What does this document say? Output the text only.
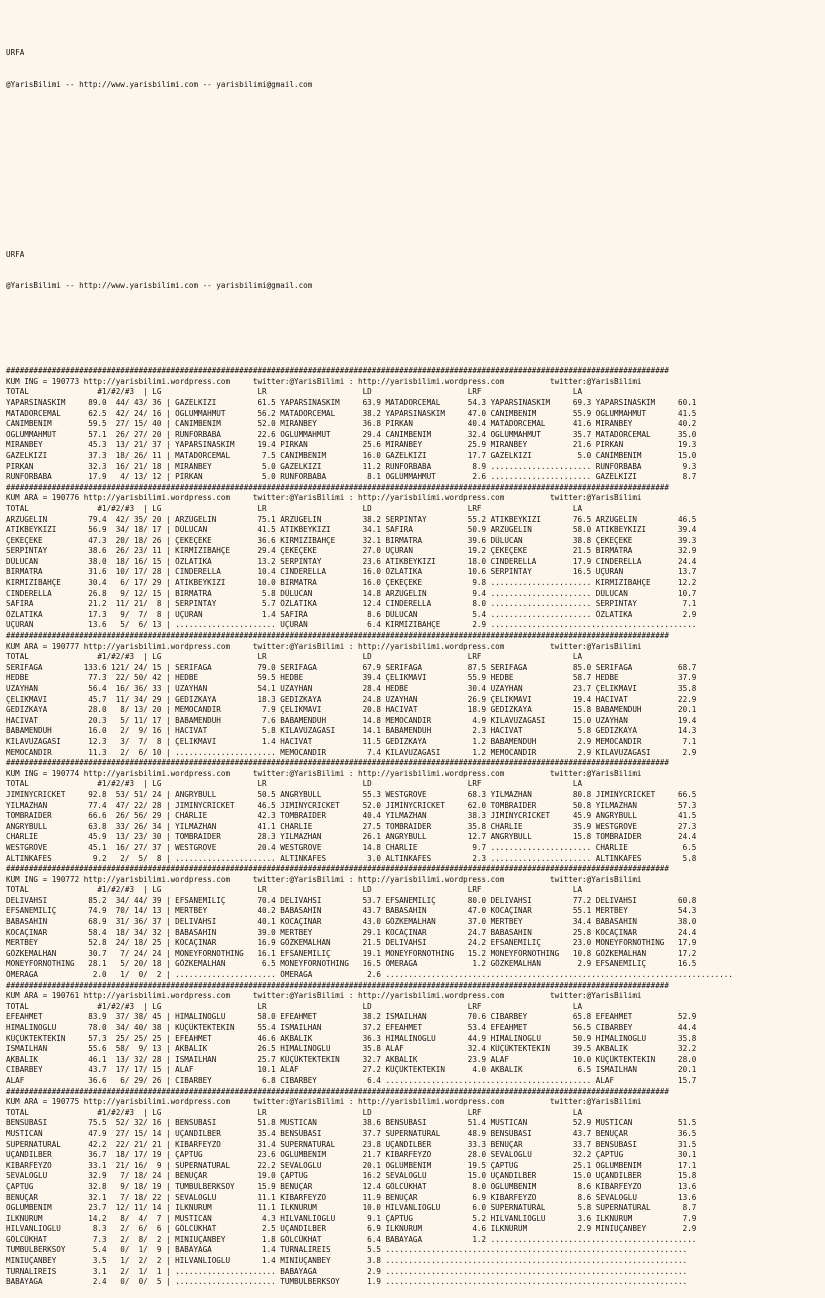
URFA

@YarisBilimi -- http://www.yarisbilimi.com -- yarisbilimi@gmail.com

URFA

@YarisBilimi -- http://www.yarisbilimi.com -- yarisbilimi@gmail.com

#################################################################################################################################################
KUM ING = 190773 http://yarisbilimi.wordpress.com     twitter:@YarisBilimi : http://yarisbilimi.wordpress.com          twitter:@YarisBilimi
TOTAL               #1/#2/#3  | LG                     LR                     LD                     LRF                    LA
YAPARSINASKIM     89.0  44/ 43/ 36 | GAZELKIZI         61.5 YAPARSINASKIM     63.9 MATADORCEMAL      54.3 YAPARSINASKIM     69.3 YAPARSINASKIM     60.1
MATADORCEMAL      62.5  42/ 24/ 16 | OGLUMMAHMUT       56.2 MATADORCEMAL      38.2 YAPARSINASKIM     47.0 CANIMBENIM        55.9 OGLUMMAHMUT       41.5
CANIMBENIM        59.5  27/ 15/ 40 | CANIMBENIM        52.0 MIRANBEY          36.8 PIRKAN            40.4 MATADORCEMAL      41.6 MIRANBEY          40.2
OGLUMMAHMUT       57.1  26/ 27/ 20 | RUNFORBABA        22.6 OGLUMMAHMUT       29.4 CANIMBENIM        32.4 OGLUMMAHMUT       35.7 MATADORCEMAL      35.0
MIRANBEY          45.3  13/ 21/ 37 | YAPARSINASKIM     19.4 PIRKAN            25.6 MIRANBEY          25.9 MIRANBEY          21.6 PIRKAN            19.3
GAZELKIZI         37.3  18/ 26/ 11 | MATADORCEMAL       7.5 CANIMBENIM        16.0 GAZELKIZI         17.7 GAZELKIZI          5.0 CANIMBENIM        15.0
PIRKAN            32.3  16/ 21/ 18 | MIRANBEY           5.0 GAZELKIZI         11.2 RUNFORBABA         8.9 ...................... RUNFORBABA         9.3
RUNFORBABA        17.9   4/ 13/ 12 | PIRKAN             5.0 RUNFORBABA         8.1 OGLUMMAHMUT        2.6 ...................... GAZELKIZI          8.7
#################################################################################################################################################
KUM ARA = 190776 http://yarisbilimi.wordpress.com     twitter:@YarisBilimi : http://yarisbilimi.wordpress.com          twitter:@YarisBilimi
TOTAL               #1/#2/#3  | LG                     LR                     LD                     LRF                    LA
ARZUGELIN         79.4  42/ 35/ 20 | ARZUGELIN         75.1 ARZUGELIN         38.2 SERPINTAY         55.2 ATIKBEYKIZI       76.5 ARZUGELIN         46.5
ATIKBEYKIZI       56.9  34/ 18/ 17 | DÜLUCAN           41.5 ATIKBEYKIZI       34.1 SAFIRA            50.9 ARZUGELIN         58.0 ATIKBEYKIZI       39.4
ÇEKEÇEKE          47.3  20/ 18/ 26 | ÇEKEÇEKE          36.6 KIRMIZIBAHÇE      32.1 BIRMATRA          39.6 DÜLUCAN           38.8 ÇEKEÇEKE          39.3
SERPINTAY         38.6  26/ 23/ 11 | KIRMIZIBAHÇE      29.4 ÇEKEÇEKE          27.0 UÇURAN            19.2 ÇEKEÇEKE          21.5 BIRMATRA          32.9
DÜLUCAN           38.0  18/ 16/ 15 | ÖZLATIKA          13.2 SERPINTAY         23.6 ATIKBEYKIZI       18.0 CINDERELLA        17.9 CINDERELLA        24.4
BIRMATRA          31.6  10/ 17/ 28 | CINDERELLA        10.4 CINDERELLA        16.0 ÖZLATIKA          10.6 SERPINTAY         16.5 UÇURAN            13.7
KIRMIZIBAHÇE      30.4   6/ 17/ 29 | ATIKBEYKIZI       10.0 BIRMATRA          16.0 ÇEKEÇEKE           9.8 ...................... KIRMIZIBAHÇE      12.2
CINDERELLA        26.8   9/ 12/ 15 | BIRMATRA           5.8 DÜLUCAN           14.8 ARZUGELIN          9.4 ...................... DÜLUCAN           10.7
SAFIRA            21.2  11/ 21/  8 | SERPINTAY          5.7 ÖZLATIKA          12.4 CINDERELLA         8.0 ...................... SERPINTAY          7.1
ÖZLATIKA          17.3   9/  7/  8 | UÇURAN             1.4 SAFIRA             8.6 DÜLUCAN            5.4 ...................... ÖZLATIKA           2.9
UÇURAN            13.6   5/  6/ 13 | ...................... UÇURAN             6.4 KIRMIZIBAHÇE       2.9 .............................................
#################################################################################################################################################
KUM ARA = 190777 http://yarisbilimi.wordpress.com     twitter:@YarisBilimi : http://yarisbilimi.wordpress.com          twitter:@YarisBilimi
TOTAL               #1/#2/#3  | LG                     LR                     LD                     LRF                    LA
SERIFAGA         133.6 121/ 24/ 15 | SERIFAGA          79.0 SERIFAGA          67.9 SERIFAGA          87.5 SERIFAGA          85.0 SERIFAGA          68.7
HEDBE             77.3  22/ 50/ 42 | HEDBE             59.5 HEDBE             39.4 ÇELIKMAVI         55.9 HEDBE             58.7 HEDBE             37.9
UZAYHAN           56.4  16/ 36/ 33 | UZAYHAN           54.1 UZAYHAN           28.4 HEDBE             30.4 UZAYHAN           23.7 ÇELIKMAVI         35.8
ÇELIKMAVI         45.7  11/ 34/ 29 | GEDIZKAYA         18.3 GEDIZKAYA         24.8 UZAYHAN           26.9 ÇELIKMAVI         19.4 HACIVAT           22.9
GEDIZKAYA         28.0   8/ 13/ 20 | MEMOCANDIR         7.9 ÇELIKMAVI         20.8 HACIVAT           18.9 GEDIZKAYA         15.8 BABAMENDUH        20.1
HACIVAT           20.3   5/ 11/ 17 | BABAMENDUH         7.6 BABAMENDUH        14.8 MEMOCANDIR         4.9 KILAVUZAGASI      15.0 UZAYHAN           19.4
BABAMENDUH        16.0   2/  9/ 16 | HACIVAT            5.8 KILAVUZAGASI      14.1 BABAMENDUH         2.3 HACIVAT            5.8 GEDIZKAYA         14.3
KILAVUZAGASI      12.3   3/  7/  8 | ÇELIKMAVI          1.4 HACIVAT           11.5 GEDIZKAYA          1.2 BABAMENDUH         2.9 MEMOCANDIR         7.1
MEMOCANDIR        11.3   2/  6/ 10 | ...................... MEMOCANDIR         7.4 KILAVUZAGASI       1.2 MEMOCANDIR         2.9 KILAVUZAGASI       2.9
#################################################################################################################################################
KUM ING = 190774 http://yarisbilimi.wordpress.com     twitter:@YarisBilimi : http://yarisbilimi.wordpress.com          twitter:@YarisBilimi
TOTAL               #1/#2/#3  | LG                     LR                     LD                     LRF                    LA
JIMINYCRICKET     92.8  53/ 51/ 24 | ANGRYBULL         50.5 ANGRYBULL         55.3 WESTGROVE         68.3 YILMAZHAN         80.8 JIMINYCRICKET     66.5
YILMAZHAN         77.4  47/ 22/ 28 | JIMINYCRICKET     46.5 JIMINYCRICKET     52.0 JIMINYCRICKET     62.0 TOMBRAIDER        50.8 YILMAZHAN         57.3
TOMBRAIDER        66.6  26/ 56/ 29 | CHARLIE           42.3 TOMBRAIDER        40.4 YILMAZHAN         38.3 JIMINYCRICKET     45.9 ANGRYBULL         41.5
ANGRYBULL         63.8  33/ 26/ 34 | YILMAZHAN         41.1 CHARLIE           27.5 TOMBRAIDER        35.8 CHARLIE           35.9 WESTGROVE         27.3
CHARLIE           45.9  13/ 23/ 30 | TOMBRAIDER        28.3 YILMAZHAN         26.1 ANGRYBULL         12.7 ANGRYBULL         15.8 TOMBRAIDER        24.4
WESTGROVE         45.1  16/ 27/ 37 | WESTGROVE         20.4 WESTGROVE         14.8 CHARLIE            9.7 ...................... CHARLIE            6.5
ALTINKAFES         9.2   2/  5/  8 | ...................... ALTINKAFES         3.0 ALTINKAFES         2.3 ...................... ALTINKAFES         5.8
#################################################################################################################################################
KUM ING = 190772 http://yarisbilimi.wordpress.com     twitter:@YarisBilimi : http://yarisbilimi.wordpress.com          twitter:@YarisBilimi
TOTAL               #1/#2/#3  | LG                     LR                     LD                     LRF                    LA
DELIVAHSI         85.2  34/ 44/ 39 | EFSANEMILIÇ       70.4 DELIVAHSI         53.7 EFSANEMILIÇ       80.0 DELIVAHSI         77.2 DELIVAHSI         60.8
EFSANEMILIÇ       74.9  70/ 14/ 13 | MERTBEY           40.2 BABASAHIN         43.7 BABASAHIN         47.0 KOCAÇINAR         55.1 MERTBEY           54.3
BABASAHIN         68.9  31/ 36/ 37 | DELIVAHSI         40.1 KOCAÇINAR         43.0 GÖZKEMALHAN       37.0 MERTBEY           34.4 BABASAHIN         38.0
KOCAÇINAR         58.4  18/ 34/ 32 | BABASAHIN         39.0 MERTBEY           29.1 KOCAÇINAR         24.7 BABASAHIN         25.8 KOCAÇINAR         24.4
MERTBEY           52.8  24/ 18/ 25 | KOCAÇINAR         16.9 GÖZKEMALHAN       21.5 DELIVAHSI         24.2 EFSANEMILIÇ       23.0 MONEYFORNOTHING   17.9
GÖZKEMALHAN       30.7   7/ 24/ 24 | MONEYFORNOTHING   16.1 EFSANEMILIÇ       19.1 MONEYFORNOTHING   15.2 MONEYFORNOTHING   10.8 GÖZKEMALHAN       17.2
MONEYFORNOTHING   28.1   5/ 20/ 18 | GÖZKEMALHAN        6.5 MONEYFORNOTHING   16.5 ÖMERAGA            1.2 GÖZKEMALHAN        2.9 EFSANEMILIÇ       16.5
ÖMERAGA            2.0   1/  0/  2 | ...................... ÖMERAGA            2.6 ............................................................................
#################################################################################################################################################
KUM ARA = 190761 http://yarisbilimi.wordpress.com     twitter:@YarisBilimi : http://yarisbilimi.wordpress.com          twitter:@YarisBilimi
TOTAL               #1/#2/#3  | LG                     LR                     LD                     LRF                    LA
EFEAHMET          83.9  37/ 38/ 45 | HIMALINOGLU       58.0 EFEAHMET          38.2 ISMAILHAN         70.6 CIBARBEY          65.8 EFEAHMET          52.9
HIMALINOGLU       78.0  34/ 40/ 38 | KÜÇÜKTEKTEKIN     55.4 ISMAILHAN         37.2 EFEAHMET          53.4 EFEAHMET          56.5 CIBARBEY          44.4
KÜÇÜKTEKTEKIN     57.3  25/ 25/ 25 | EFEAHMET          46.6 AKBALIK           36.3 HIMALINOGLU       44.9 HIMALINOGLU       50.9 HIMALINOGLU       35.8
ISMAILHAN         55.6  58/  9/ 13 | AKBALIK           26.5 HIMALINOGLU       35.8 ALAF              32.4 KÜÇÜKTEKTEKIN     39.5 AKBALIK           32.2
AKBALIK           46.1  13/ 32/ 28 | ISMAILHAN         25.7 KÜÇÜKTEKTEKIN     32.7 AKBALIK           23.9 ALAF              10.0 KÜÇÜKTEKTEKIN     28.0
CIBARBEY          43.7  17/ 17/ 15 | ALAF              10.1 ALAF              27.2 KÜÇÜKTEKTEKIN      4.0 AKBALIK            6.5 ISMAILHAN         20.1
ALAF              36.6   6/ 29/ 26 | CIBARBEY           6.8 CIBARBEY           6.4 ............................................. ALAF              15.7
#################################################################################################################################################
KUM ARA = 190775 http://yarisbilimi.wordpress.com     twitter:@YarisBilimi : http://yarisbilimi.wordpress.com          twitter:@YarisBilimi
TOTAL               #1/#2/#3  | LG                     LR                     LD                     LRF                    LA
BENSUBASI         75.5  52/ 32/ 16 | BENSUBASI         51.8 MUSTICAN          38.6 BENSUBASI         51.4 MUSTICAN          52.9 MUSTICAN          51.5
MUSTICAN          47.9  27/ 15/ 14 | UÇANDILBER        35.4 BENSUBASI         37.7 SUPERNATURAL      48.9 BENSUBASI         43.7 BENUÇAR           36.5
SUPERNATURAL      42.2  22/ 21/ 21 | KIBARFEYZO        31.4 SUPERNATURAL      23.8 UÇANDILBER        33.3 BENUÇAR           33.7 BENSUBASI         31.5
UÇANDILBER        36.7  18/ 17/ 19 | ÇAPTUG            23.6 OGLUMBENIM        21.7 KIBARFEYZO        28.0 SEVALOGLU         32.2 ÇAPTUG            30.1
KIBARFEYZO        33.1  21/ 16/  9 | SUPERNATURAL      22.2 SEVALOGLU         20.1 OGLUMBENIM        19.5 ÇAPTUG            25.1 OGLUMBENIM        17.1
SEVALOGLU         32.9   7/ 18/ 24 | BENUÇAR           19.0 ÇAPTUG            16.2 SEVALOGLU         15.0 UÇANDILBER        15.0 UÇANDILBER        15.8
ÇAPTUG            32.8   9/ 18/ 19 | TUMBULBERKSOY     15.9 BENUÇAR           12.4 GÖLCÜKHAT          8.0 OGLUMBENIM         8.6 KIBARFEYZO        13.6
BENUÇAR           32.1   7/ 18/ 22 | SEVALOGLU         11.1 KIBARFEYZO        11.9 BENUÇAR            6.9 KIBARFEYZO         8.6 SEVALOGLU         13.6
OGLUMBENIM        23.7  12/ 11/ 14 | ILKNURUM          11.1 ILKNURUM          10.0 HILVANLIOGLU       6.0 SUPERNATURAL       5.8 SUPERNATURAL       8.7
ILKNURUM          14.2   8/  4/  7 | MUSTICAN           4.3 HILVANLIOGLU       9.1 ÇAPTUG             5.2 HILVANLIOGLU       3.6 ILKNURUM           7.9
HILVANLIOGLU       8.3   2/  6/  6 | GÖLCÜKHAT          2.5 UÇANDILBER         6.9 ILKNURUM           4.6 ILKNURUM           2.9 MINIUÇANBEY        2.9
GÖLCÜKHAT          7.3   2/  8/  2 | MINIUÇANBEY        1.8 GÖLCÜKHAT          6.4 BABAYAGA           1.2 .............................................
TUMBULBERKSOY      5.4   0/  1/  9 | BABAYAGA           1.4 TURNALIREIS        5.5 ..................................................................
MINIUÇANBEY        3.5   1/  2/  2 | HILVANLIOGLU       1.4 MINIUÇANBEY        3.8 ..................................................................
TURNALIREIS        3.1   2/  1/  1 | ...................... BABAYAGA           2.9 ..................................................................
BABAYAGA           2.4   0/  0/  5 | ...................... TUMBULBERKSOY      1.9 ..................................................................
